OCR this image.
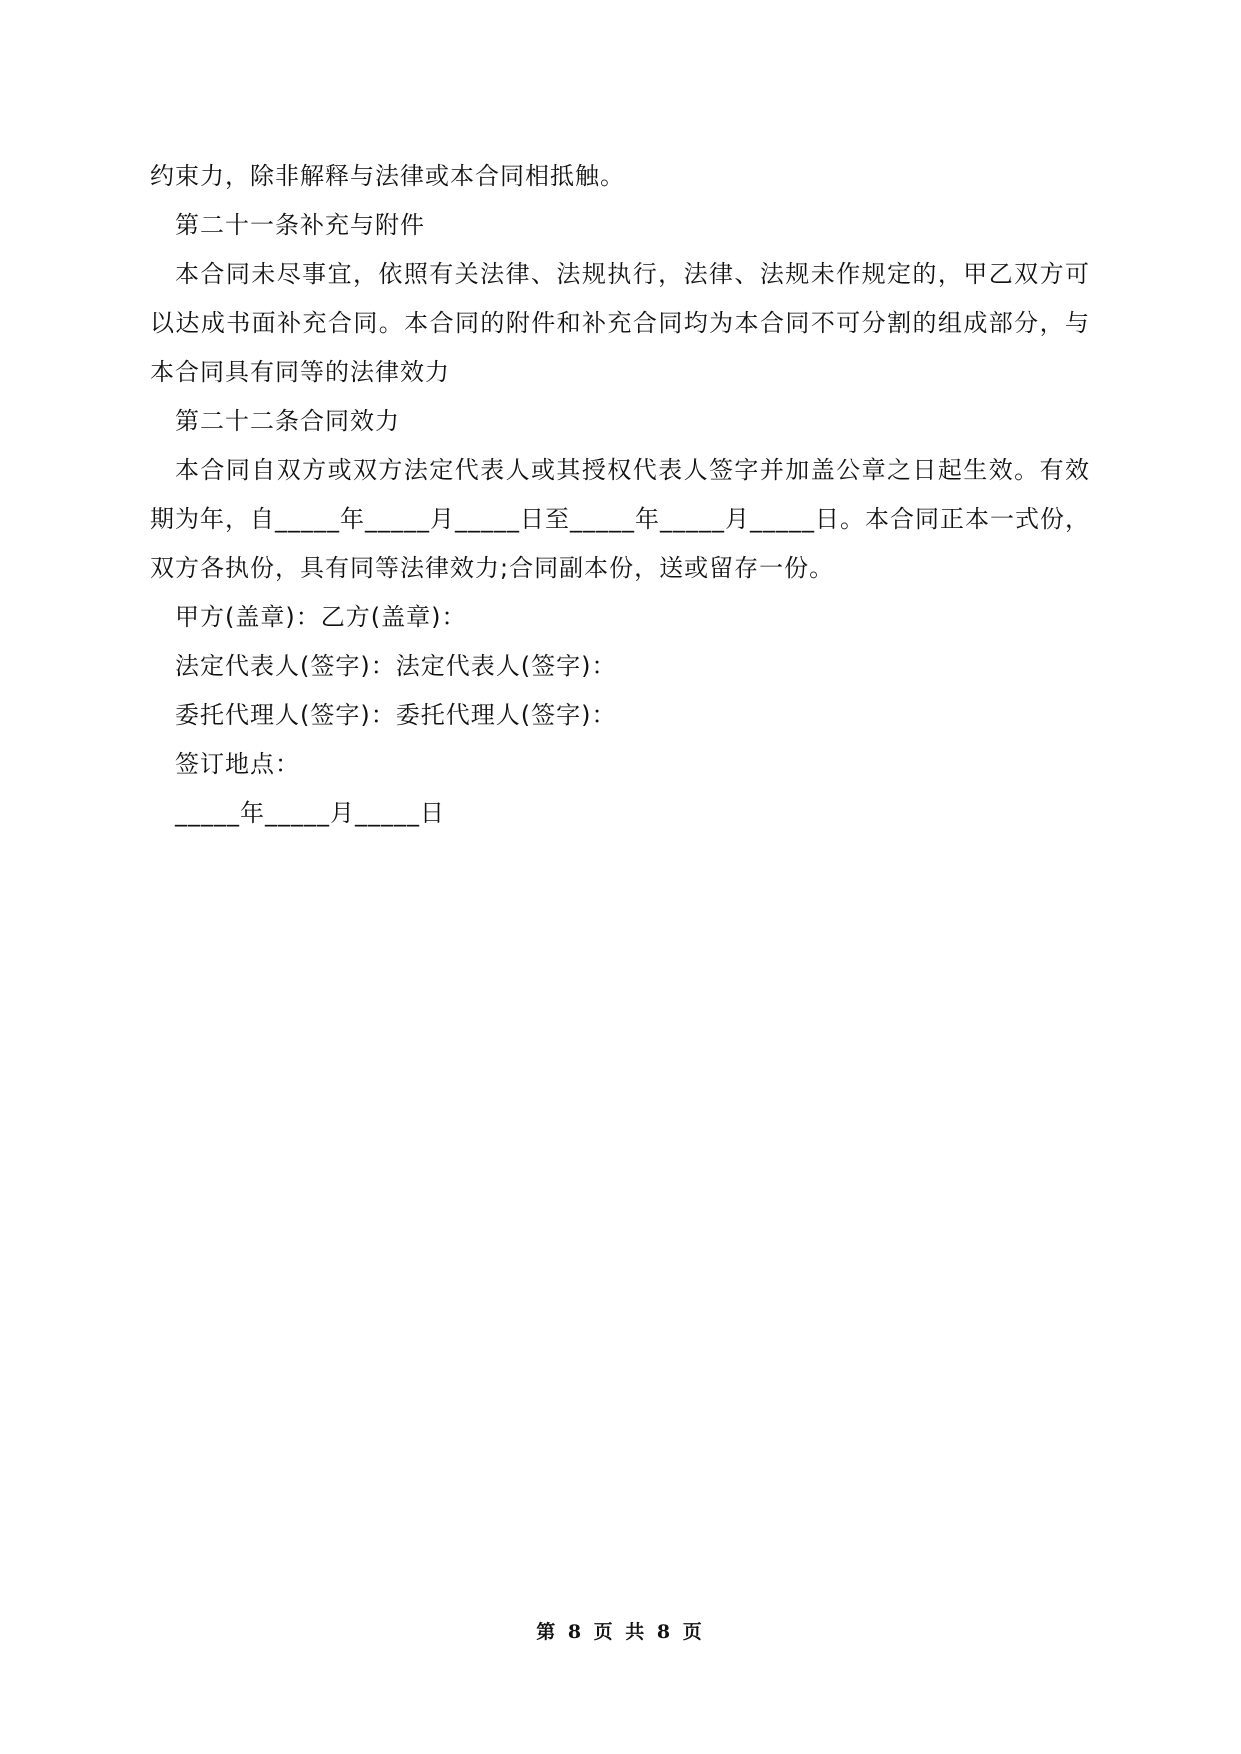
约束力，除非解释与法律或本合同相抵触。

第二十一条补充与附件

本合同未尽事宜，依照有关法律、法规执行，法律、法规未作规定的，甲乙双方可以达成书面补充合同。本合同的附件和补充合同均为本合同不可分割的组成部分，与本合同具有同等的法律效力

第二十二条合同效力

本合同自双方或双方法定代表人或其授权代表人签字并加盖公章之日起生效。有效期为年，自_____年_____月_____日至_____年_____月_____日。本合同正本一式份，双方各执份，具有同等法律效力;合同副本份，送或留存一份。

甲方(盖章)：乙方(盖章)：

法定代表人(签字)：法定代表人(签字)：

委托代理人(签字)：委托代理人(签字)：

签订地点：

_____年_____月_____日

第 8 页 共 8 页
